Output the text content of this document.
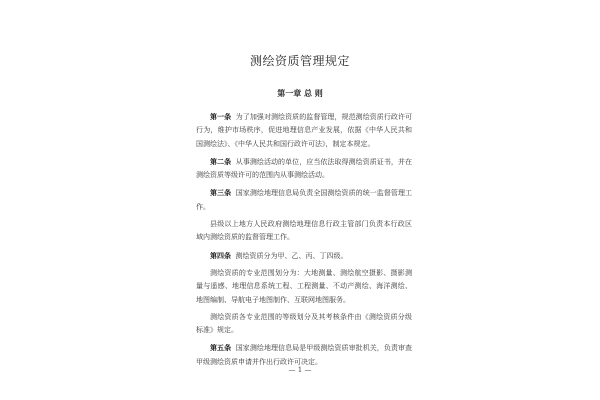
测绘资质管理规定
第一章 总 则

第一条 为了加强对测绘资质的监督管理，规范测绘资质行政许可行为，维护市场秩序，促进地理信息产业发展，依据《中华人民共和国测绘法》、《中华人民共和国行政许可法》，制定本规定。

第二条 从事测绘活动的单位，应当依法取得测绘资质证书，并在测绘资质等级许可的范围内从事测绘活动。

第三条 国家测绘地理信息局负责全国测绘资质的统一监督管理工作。

县级以上地方人民政府测绘地理信息行政主管部门负责本行政区域内测绘资质的监督管理工作。

第四条 测绘资质分为甲、乙、丙、丁四级。

测绘资质的专业范围划分为：大地测量、测绘航空摄影、摄影测量与遥感、地理信息系统工程、工程测量、不动产测绘、海洋测绘、地图编制、导航电子地图制作、互联网地图服务。

测绘资质各专业范围的等级划分及其考核条件由《测绘资质分级标准》规定。

第五条 国家测绘地理信息局是甲级测绘资质审批机关，负责审查甲级测绘资质申请并作出行政许可决定。

— 1 —
